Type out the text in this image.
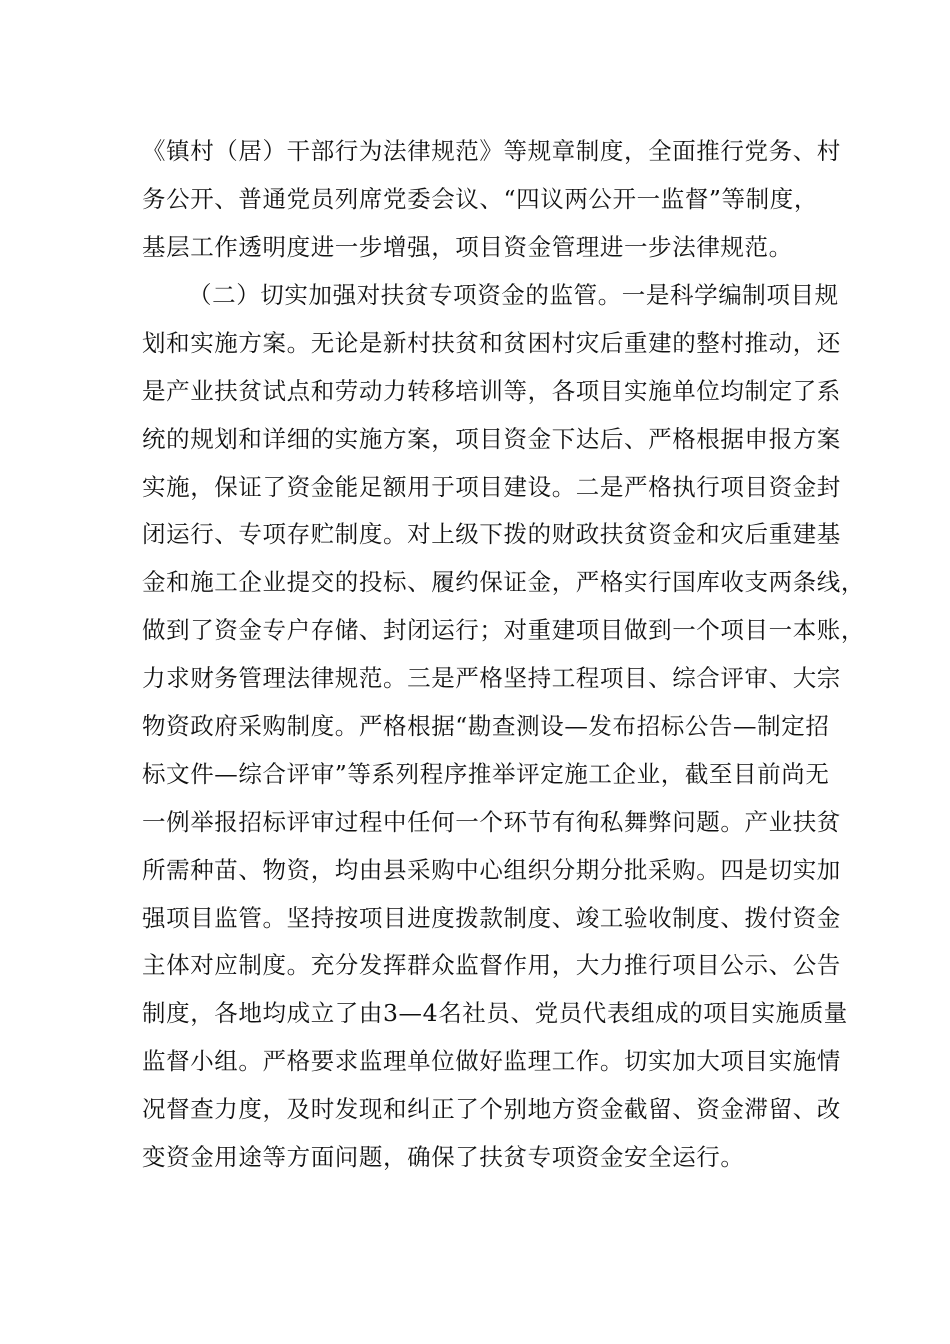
《镇村（居）干部行为法律规范》等规章制度，全面推行党务、村
务公开、普通党员列席党委会议、“四议两公开一监督”等制度，
基层工作透明度进一步增强，项目资金管理进一步法律规范。
（二）切实加强对扶贫专项资金的监管。一是科学编制项目规
划和实施方案。无论是新村扶贫和贫困村灾后重建的整村推动，还
是产业扶贫试点和劳动力转移培训等，各项目实施单位均制定了系
统的规划和详细的实施方案，项目资金下达后、严格根据申报方案
实施，保证了资金能足额用于项目建设。二是严格执行项目资金封
闭运行、专项存贮制度。对上级下拨的财政扶贫资金和灾后重建基
金和施工企业提交的投标、履约保证金，严格实行国库收支两条线，
做到了资金专户存储、封闭运行；对重建项目做到一个项目一本账，
力求财务管理法律规范。三是严格坚持工程项目、综合评审、大宗
物资政府采购制度。严格根据“勘查测设—发布招标公告—制定招
标文件—综合评审”等系列程序推举评定施工企业，截至目前尚无
一例举报招标评审过程中任何一个环节有徇私舞弊问题。产业扶贫
所需种苗、物资，均由县采购中心组织分期分批采购。四是切实加
强项目监管。坚持按项目进度拨款制度、竣工验收制度、拨付资金
主体对应制度。充分发挥群众监督作用，大力推行项目公示、公告
制度，各地均成立了由3—4名社员、党员代表组成的项目实施质量
监督小组。严格要求监理单位做好监理工作。切实加大项目实施情
况督查力度，及时发现和纠正了个别地方资金截留、资金滞留、改
变资金用途等方面问题，确保了扶贫专项资金安全运行。
